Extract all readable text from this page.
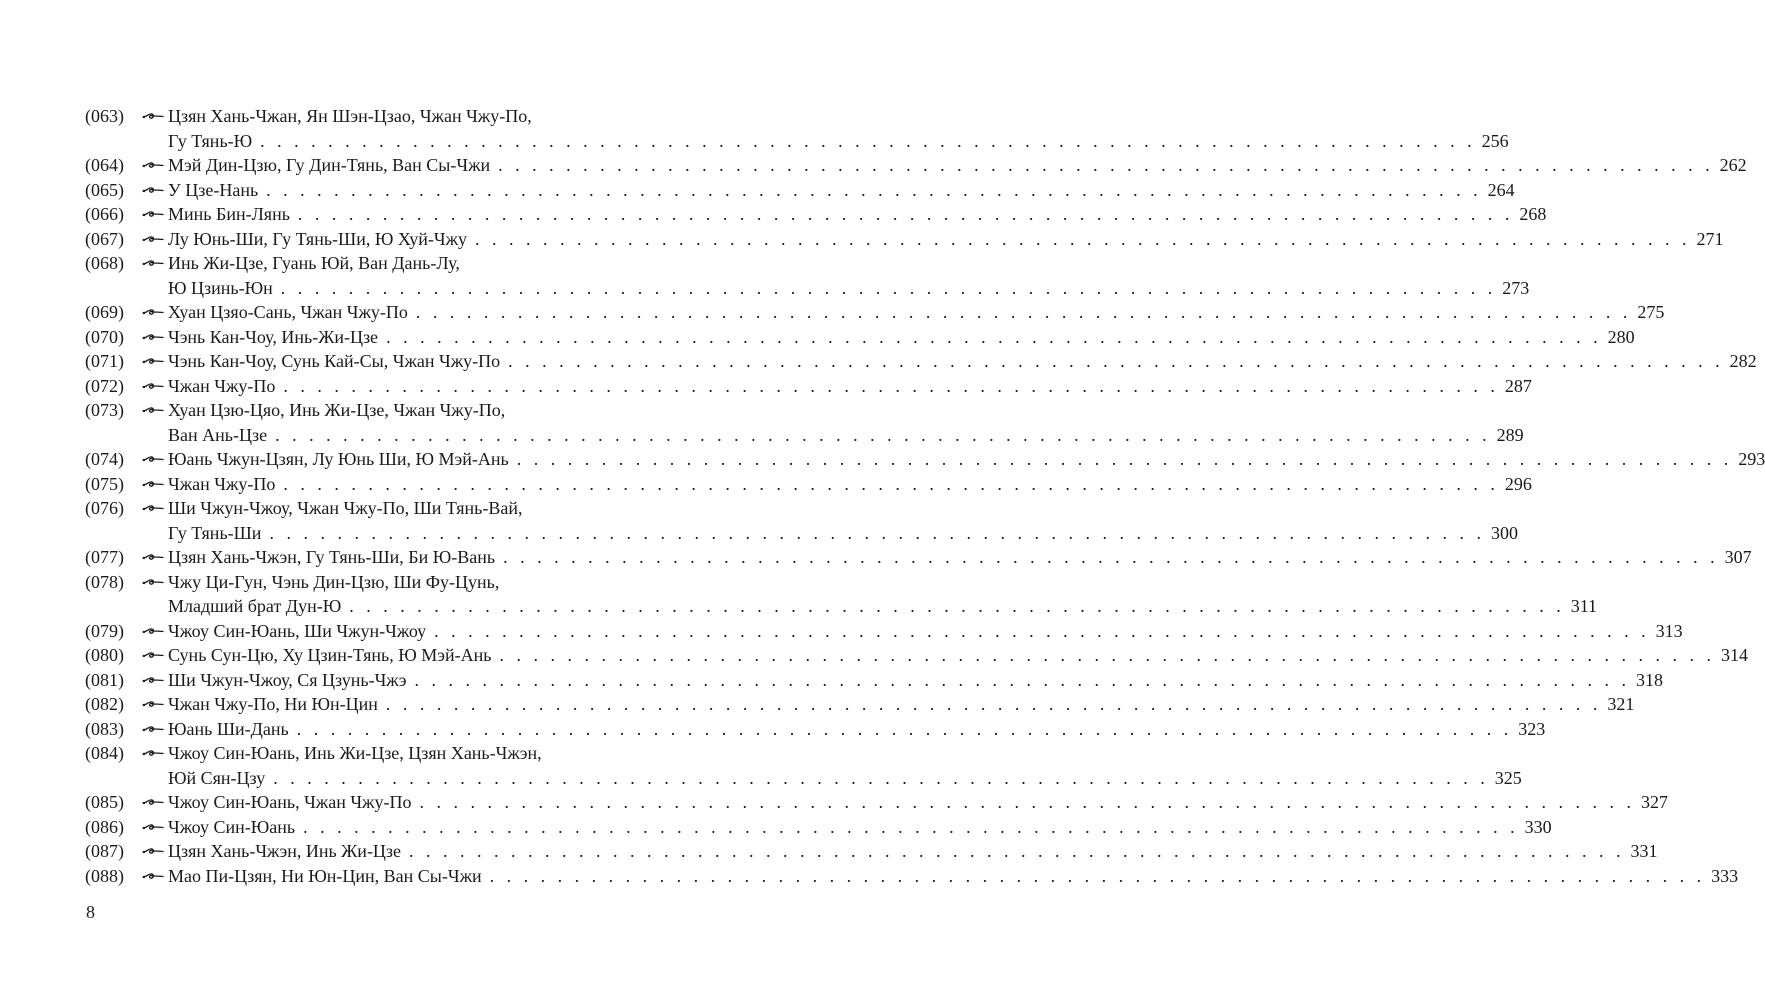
(063)	Цзян Хань-Чжан, Ян Шэн-Цзао, Чжан Чжу-По,
Гу Тянь-Ю . . .	256
(064)	Мэй Дин-Цзю, Гу Дин-Тянь, Ван Сы-Чжи . . .	262
(065)	У Цзе-Нань . . .	264
(066)	Минь Бин-Лянь . . .	268
(067)	Лу Юнь-Ши, Гу Тянь-Ши, Ю Хуй-Чжу . . .	271
(068)	Инь Жи-Цзе, Гуань Юй, Ван Дань-Лу,
Ю Цзинь-Юн . . .	273
(069)	Хуан Цзяо-Сань, Чжан Чжу-По . . .	275
(070)	Чэнь Кан-Чоу, Инь-Жи-Цзе . . .	280
(071)	Чэнь Кан-Чоу, Сунь Кай-Сы, Чжан Чжу-По . . .	282
(072)	Чжан Чжу-По . . .	287
(073)	Хуан Цзю-Цяо, Инь Жи-Цзе, Чжан Чжу-По,
Ван Ань-Цзе . . .	289
(074)	Юань Чжун-Цзян, Лу Юнь Ши, Ю Мэй-Ань . . .	293
(075)	Чжан Чжу-По . . .	296
(076)	Ши Чжун-Чжоу, Чжан Чжу-По, Ши Тянь-Вай,
Гу Тянь-Ши . . .	300
(077)	Цзян Хань-Чжэн, Гу Тянь-Ши, Би Ю-Вань . . .	307
(078)	Чжу Ци-Гун, Чэнь Дин-Цзю, Ши Фу-Цунь,
Младший брат Дун-Ю . . .	311
(079)	Чжоу Син-Юань, Ши Чжун-Чжоу . . .	313
(080)	Сунь Сун-Цю, Ху Цзин-Тянь, Ю Мэй-Ань . . .	314
(081)	Ши Чжун-Чжоу, Ся Цзунь-Чжэ . . .	318
(082)	Чжан Чжу-По, Ни Юн-Цин . . .	321
(083)	Юань Ши-Дань . . .	323
(084)	Чжоу Син-Юань, Инь Жи-Цзе, Цзян Хань-Чжэн,
Юй Сян-Цзу . . .	325
(085)	Чжоу Син-Юань, Чжан Чжу-По . . .	327
(086)	Чжоу Син-Юань . . .	330
(087)	Цзян Хань-Чжэн, Инь Жи-Цзе . . .	331
(088)	Мао Пи-Цзян, Ни Юн-Цин, Ван Сы-Чжи . . .	333
8
